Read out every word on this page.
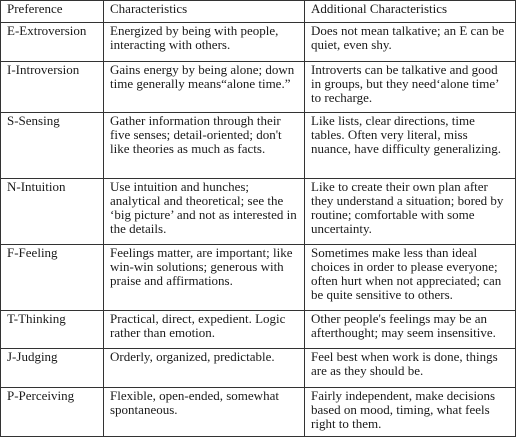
Preference	Characteristics	Additional Characteristics
E-Extroversion	Energized by being with people, interacting with others.	Does not mean talkative; an E can be quiet, even shy.
I-Introversion	Gains energy by being alone; down time generally means“alone time.”	Introverts can be talkative and good in groups, but they need‘alone time’ to recharge.
S-Sensing	Gather information through their five senses; detail-oriented; don't like theories as much as facts.	Like lists, clear directions, time tables. Often very literal, miss nuance, have difficulty generalizing.
N-Intuition	Use intuition and hunches; analytical and theoretical; see the ‘big picture’ and not as interested in the details.	Like to create their own plan after they understand a situation; bored by routine; comfortable with some uncertainty.
F-Feeling	Feelings matter, are important; like win-win solutions; generous with praise and affirmations.	Sometimes make less than ideal choices in order to please everyone; often hurt when not appreciated; can be quite sensitive to others.
T-Thinking	Practical, direct, expedient. Logic rather than emotion.	Other people's feelings may be an afterthought; may seem insensitive.
J-Judging	Orderly, organized, predictable.	Feel best when work is done, things are as they should be.
P-Perceiving	Flexible, open-ended, somewhat spontaneous.	Fairly independent, make decisions based on mood, timing, what feels right to them.
